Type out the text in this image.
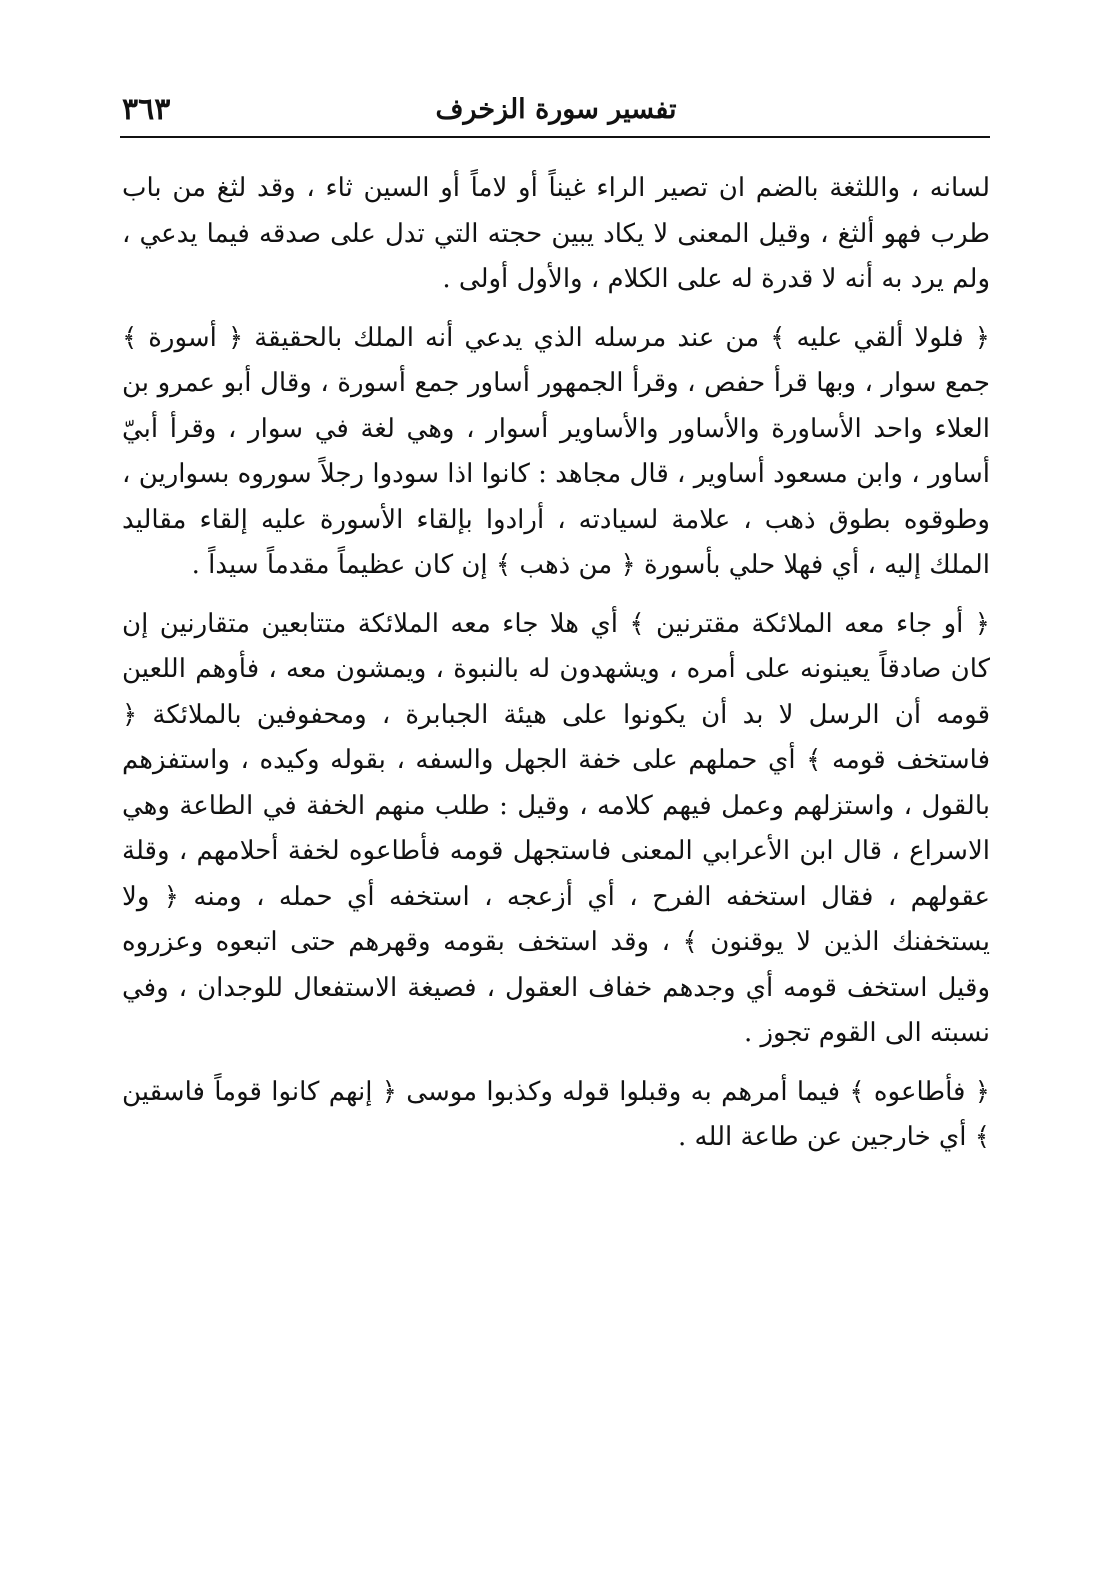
تفسير سورة الزخرف
٣٦٣

لسانه ، واللثغة بالضم ان تصير الراء غيناً أو لاماً أو السين ثاء ، وقد لثغ من باب طرب فهو ألثغ ، وقيل المعنى لا يكاد يبين حجته التي تدل على صدقه فيما يدعي ، ولم يرد به أنه لا قدرة له على الكلام ، والأول أولى .

﴿ فلولا ألقي عليه ﴾ من عند مرسله الذي يدعي أنه الملك بالحقيقة ﴿ أسورة ﴾ جمع سوار ، وبها قرأ حفص ، وقرأ الجمهور أساور جمع أسورة ، وقال أبو عمرو بن العلاء واحد الأساورة والأساور والأساوير أسوار ، وهي لغة في سوار ، وقرأ أبيّ أساور ، وابن مسعود أساوير ، قال مجاهد : كانوا اذا سودوا رجلاً سوروه بسوارين ، وطوقوه بطوق ذهب ، علامة لسيادته ، أرادوا بإلقاء الأسورة عليه إلقاء مقاليد الملك إليه ، أي فهلا حلي بأسورة ﴿ من ذهب ﴾ إن كان عظيماً مقدماً سيداً .

﴿ أو جاء معه الملائكة مقترنين ﴾ أي هلا جاء معه الملائكة متتابعين متقارنين إن كان صادقاً يعينونه على أمره ، ويشهدون له بالنبوة ، ويمشون معه ، فأوهم اللعين قومه أن الرسل لا بد أن يكونوا على هيئة الجبابرة ، ومحفوفين بالملائكة ﴿ فاستخف قومه ﴾ أي حملهم على خفة الجهل والسفه ، بقوله وكيده ، واستفزهم بالقول ، واستزلهم وعمل فيهم كلامه ، وقيل : طلب منهم الخفة في الطاعة وهي الاسراع ، قال ابن الأعرابي المعنى فاستجهل قومه فأطاعوه لخفة أحلامهم ، وقلة عقولهم ، فقال استخفه الفرح ، أي أزعجه ، استخفه أي حمله ، ومنه ﴿ ولا يستخفنك الذين لا يوقنون ﴾ ، وقد استخف بقومه وقهرهم حتى اتبعوه وعزروه وقيل استخف قومه أي وجدهم خفاف العقول ، فصيغة الاستفعال للوجدان ، وفي نسبته الى القوم تجوز .

﴿ فأطاعوه ﴾ فيما أمرهم به وقبلوا قوله وكذبوا موسى ﴿ إنهم كانوا قوماً فاسقين ﴾ أي خارجين عن طاعة الله .
